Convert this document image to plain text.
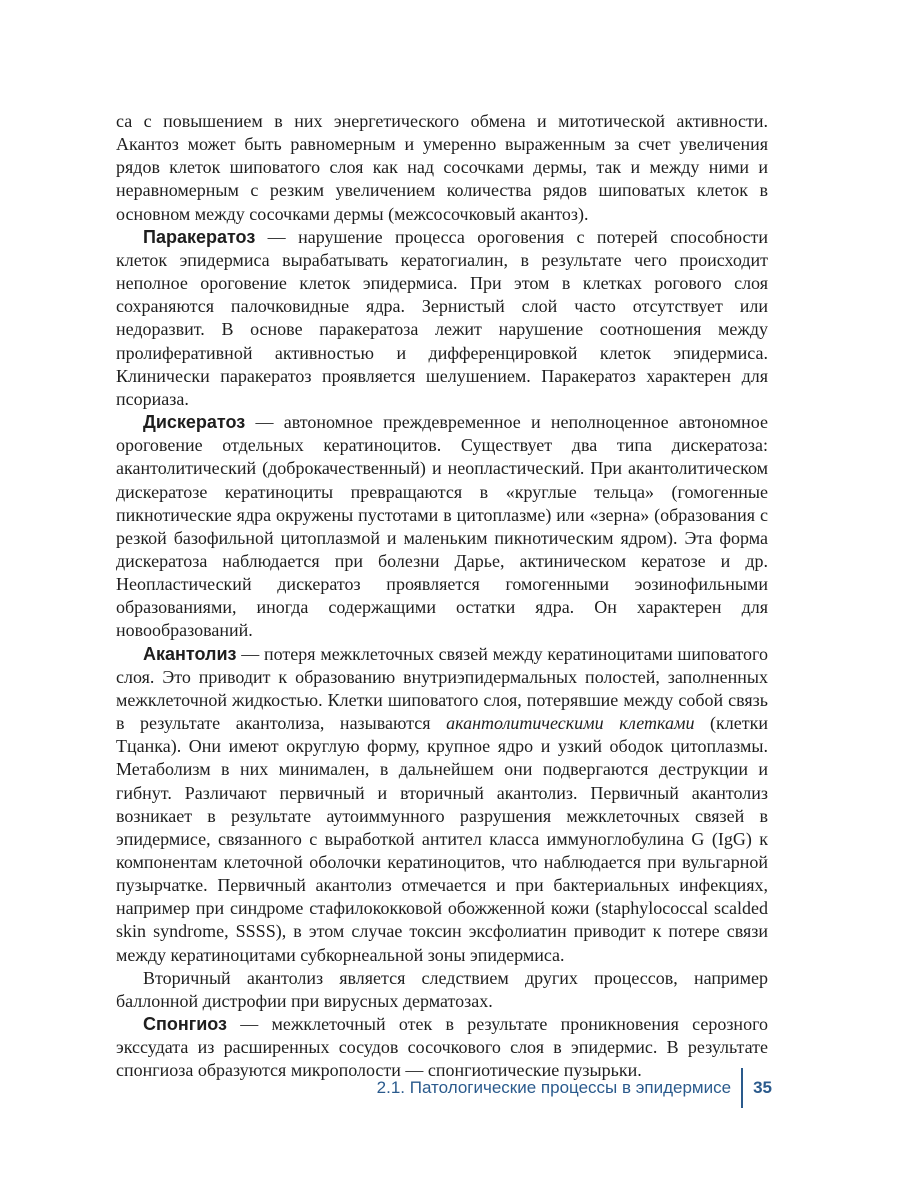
са с повышением в них энергетического обмена и митотической активности. Акантоз может быть равномерным и умеренно выраженным за счет увеличения рядов клеток шиповатого слоя как над сосочками дермы, так и между ними и неравномерным с резким увеличением количества рядов шиповатых клеток в основном между сосочками дермы (межсосочковый акантоз).

Паракератоз — нарушение процесса ороговения с потерей способности клеток эпидермиса вырабатывать кератогиалин, в результате чего происходит неполное ороговение клеток эпидермиса. При этом в клетках рогового слоя сохраняются палочковидные ядра. Зернистый слой часто отсутствует или недоразвит. В основе паракератоза лежит нарушение соотношения между пролиферативной активностью и дифференцировкой клеток эпидермиса. Клинически паракератоз проявляется шелушением. Паракератоз характерен для псориаза.

Дискератоз — автономное преждевременное и неполноценное автономное ороговение отдельных кератиноцитов. Существует два типа дискератоза: акантолитический (доброкачественный) и неопластический. При акантолитическом дискератозе кератиноциты превращаются в «круглые тельца» (гомогенные пикнотические ядра окружены пустотами в цитоплазме) или «зерна» (образования с резкой базофильной цитоплазмой и маленьким пикнотическим ядром). Эта форма дискератоза наблюдается при болезни Дарье, актиническом кератозе и др. Неопластический дискератоз проявляется гомогенными эозинофильными образованиями, иногда содержащими остатки ядра. Он характерен для новообразований.

Акантолиз — потеря межклеточных связей между кератиноцитами шиповатого слоя. Это приводит к образованию внутриэпидермальных полостей, заполненных межклеточной жидкостью. Клетки шиповатого слоя, потерявшие между собой связь в результате акантолиза, называются акантолитическими клетками (клетки Тцанка). Они имеют округлую форму, крупное ядро и узкий ободок цитоплазмы. Метаболизм в них минимален, в дальнейшем они подвергаются деструкции и гибнут. Различают первичный и вторичный акантолиз. Первичный акантолиз возникает в результате аутоиммунного разрушения межклеточных связей в эпидермисе, связанного с выработкой антител класса иммуноглобулина G (IgG) к компонентам клеточной оболочки кератиноцитов, что наблюдается при вульгарной пузырчатке. Первичный акантолиз отмечается и при бактериальных инфекциях, например при синдроме стафилококковой обожженной кожи (staphylococcal scalded skin syndrome, SSSS), в этом случае токсин эксфолиатин приводит к потере связи между кератиноцитами субкорнеальной зоны эпидермиса.

Вторичный акантолиз является следствием других процессов, например баллонной дистрофии при вирусных дерматозах.

Спонгиоз — межклеточный отек в результате проникновения серозного экссудата из расширенных сосудов сосочкового слоя в эпидермис. В результате спонгиоза образуются микрополости — спонгиотические пузырьки.

2.1. Патологические процессы в эпидермисе 35
